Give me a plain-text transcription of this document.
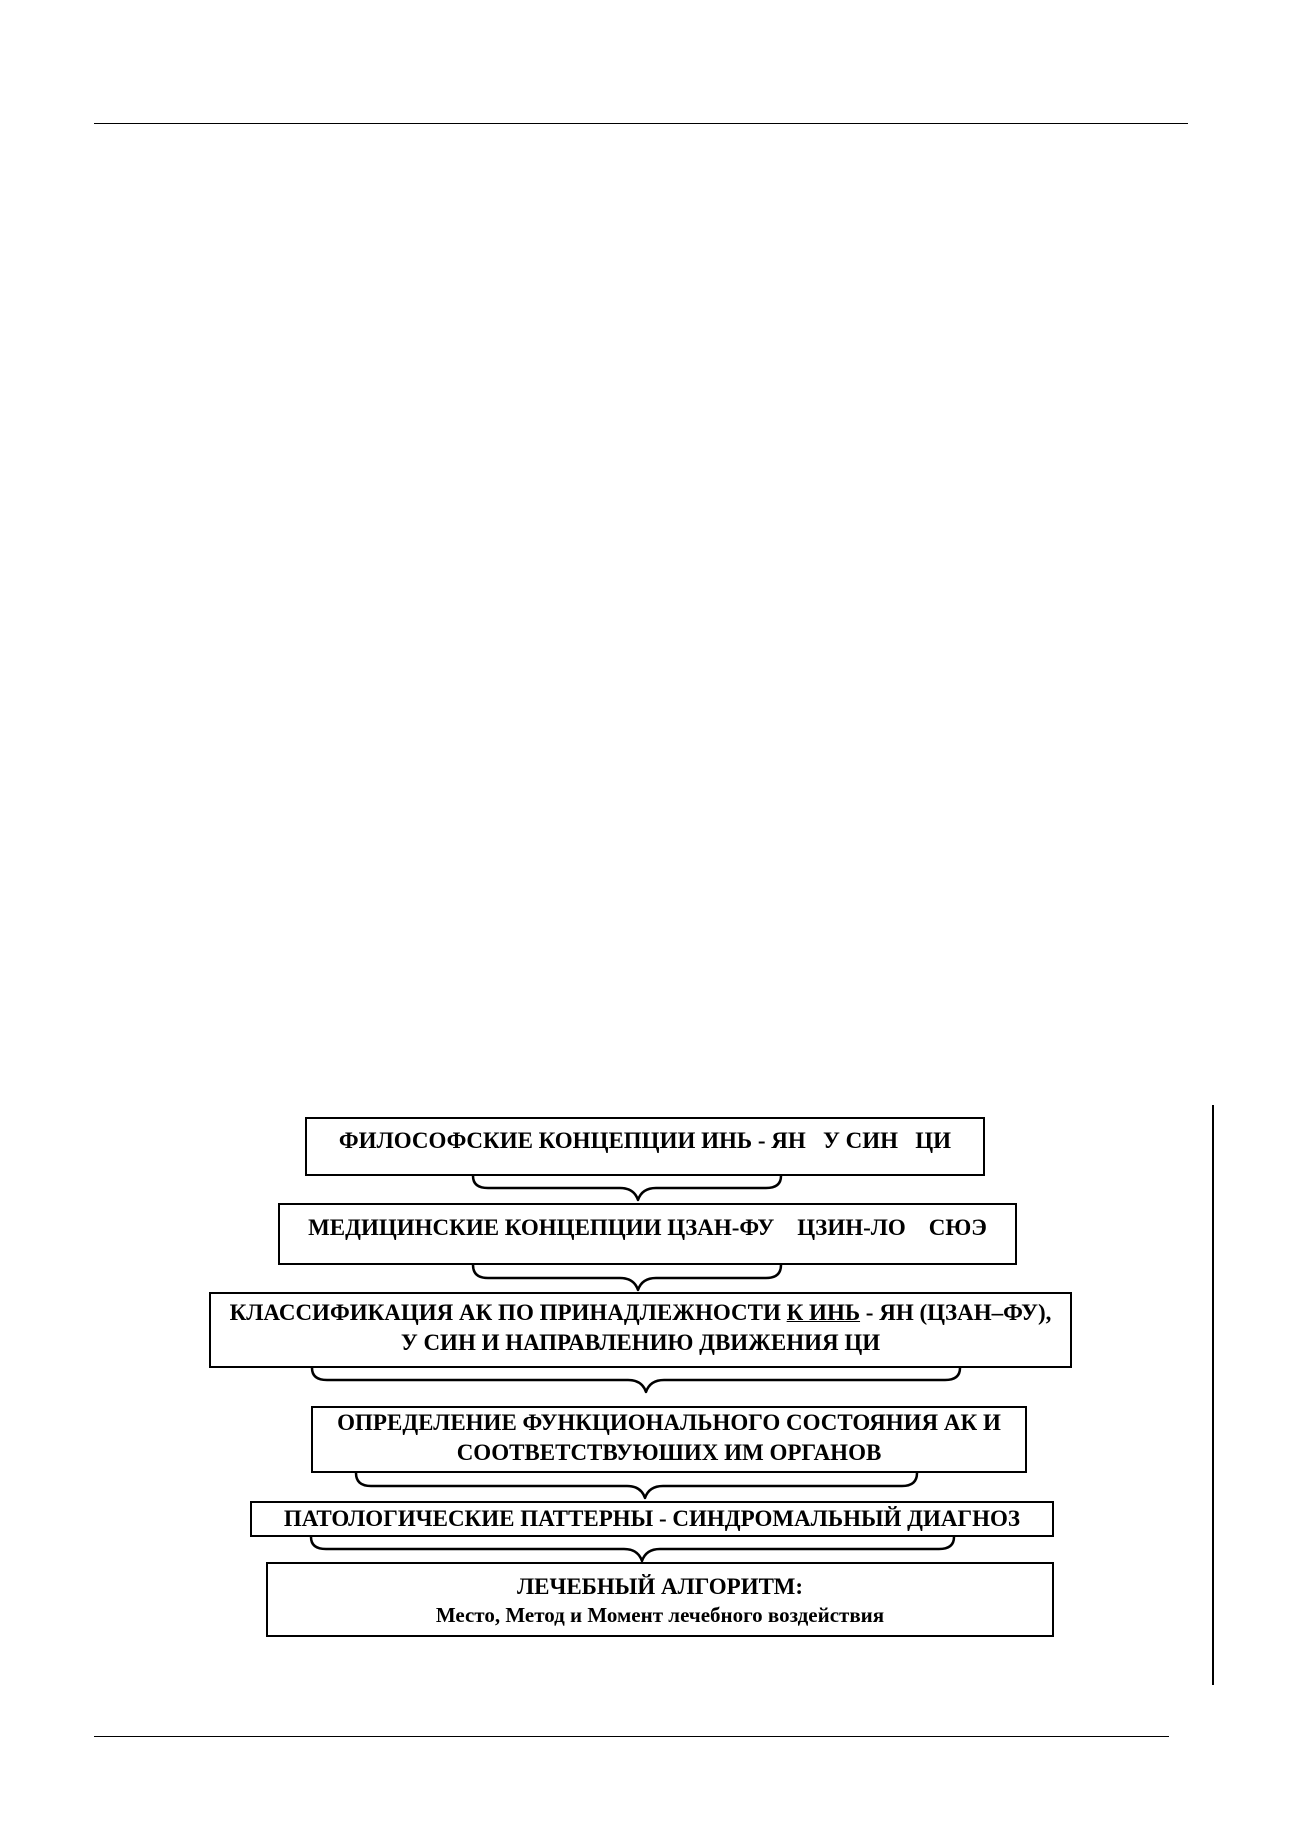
ФИЛОСОФСКИЕ КОНЦЕПЦИИ ИНЬ - ЯН   У СИН   ЦИ
МЕДИЦИНСКИЕ КОНЦЕПЦИИ ЦЗАН-ФУ    ЦЗИН-ЛО    СЮЭ
КЛАССИФИКАЦИЯ АК ПО ПРИНАДЛЕЖНОСТИ К ИНЬ - ЯН (ЦЗАН–ФУ),
У СИН И НАПРАВЛЕНИЮ ДВИЖЕНИЯ ЦИ
ОПРЕДЕЛЕНИЕ ФУНКЦИОНАЛЬНОГО СОСТОЯНИЯ АК И
СООТВЕТСТВУЮШИХ ИМ ОРГАНОВ
ПАТОЛОГИЧЕСКИЕ ПАТТЕРНЫ - СИНДРОМАЛЬНЫЙ ДИАГНОЗ
ЛЕЧЕБНЫЙ АЛГОРИТМ:
Место, Метод и Момент лечебного воздействия
